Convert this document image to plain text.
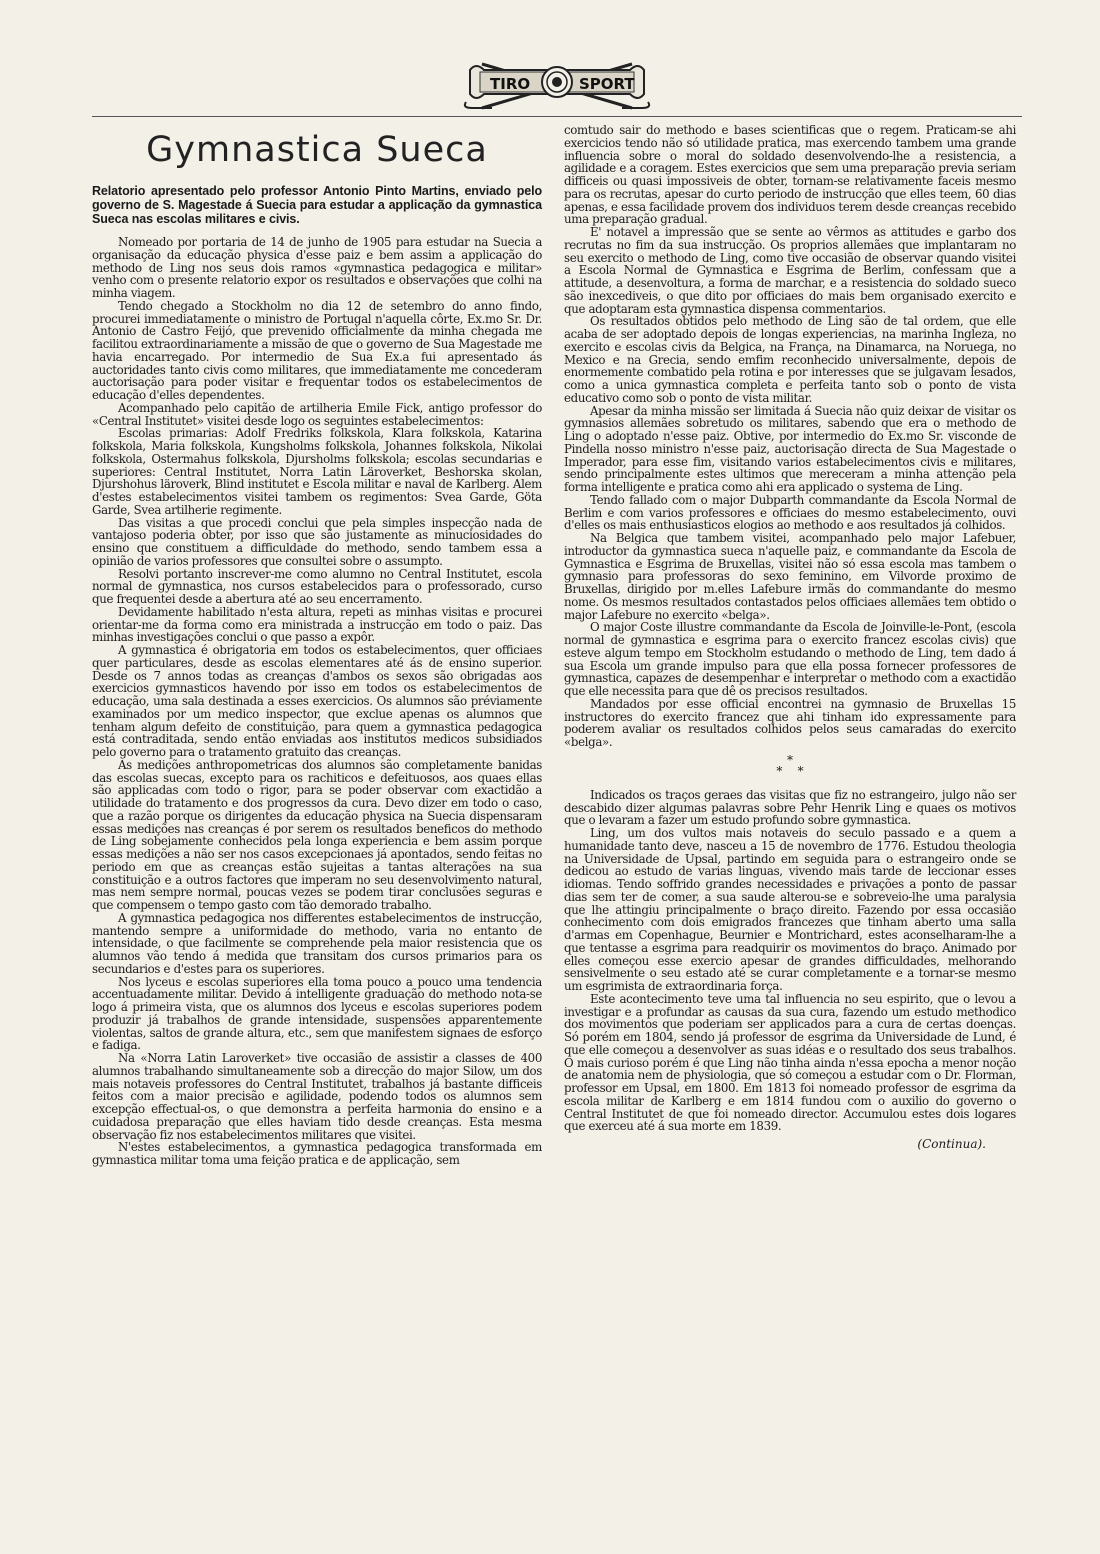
TIRO	SPORT
Gymnastica Sueca
Relatorio apresentado pelo professor Antonio Pinto Martins, enviado pelo governo de S. Magestade á Suecia para estudar a applicação da gymnastica Sueca nas escolas militares e civis.

Nomeado por portaria de 14 de junho de 1905 para estudar na Suecia a organisação da educação physica d'esse paiz e bem assim a applicação do methodo de Ling nos seus dois ramos «gymnastica pedagogica e militar» venho com o presente relatorio expor os resultados e observações que colhi na minha viagem.

Tendo chegado a Stockholm no dia 12 de setembro do anno findo, procurei immediatamente o ministro de Portugal n'aquella côrte, Ex.mo Sr. Dr. Antonio de Castro Feijó, que prevenido officialmente da minha chegada me facilitou extraordinariamente a missão de que o governo de Sua Magestade me havia encarregado. Por intermedio de Sua Ex.a fui apresentado ás auctoridades tanto civis como militares, que immediatamente me concederam auctorisação para poder visitar e frequentar todos os estabelecimentos de educação d'elles dependentes.

Acompanhado pelo capitão de artilheria Emile Fick, antigo professor do «Central Institutet» visitei desde logo os seguintes estabelecimentos:

Escolas primarias: Adolf Fredriks folkskola, Klara folkskola, Katarina folkskola, Maria folkskola, Kungsholms folkskola, Johannes folkskola, Nikolai folkskola, Ostermahus folkskola, Djursholms folkskola; escolas secundarias e superiores: Central Institutet, Norra Latin Läroverket, Beshorska skolan, Djurshohus läroverk, Blind institutet e Escola militar e naval de Karlberg. Alem d'estes estabelecimentos visitei tambem os regimentos: Svea Garde, Göta Garde, Svea artilherie regimente.

Das visitas a que procedi conclui que pela simples inspecção nada de vantajoso poderia obter, por isso que são justamente as minuciosidades do ensino que constituem a difficuldade do methodo, sendo tambem essa a opinião de varios professores que consultei sobre o assumpto.

Resolvi portanto inscrever-me como alumno no Central Institutet, escola normal de gymnastica, nos cursos estabelecidos para o professorado, curso que frequentei desde a abertura até ao seu encerramento.

Devidamente habilitado n'esta altura, repeti as minhas visitas e procurei orientar-me da forma como era ministrada a instrucção em todo o paiz. Das minhas investigações conclui o que passo a expôr.

A gymnastica é obrigatoria em todos os estabelecimentos, quer officiaes quer particulares, desde as escolas elementares até ás de ensino superior. Desde os 7 annos todas as creanças d'ambos os sexos são obrigadas aos exercicios gymnasticos havendo por isso em todos os estabelecimentos de educação, uma sala destinada a esses exercicios. Os alumnos são préviamente examinados por um medico inspector, que exclue apenas os alumnos que tenham algum defeito de constituição, para quem a gymnastica pedagogica está contraditada, sendo então enviadas aos institutos medicos subsidiados pelo governo para o tratamento gratuito das creanças.

As medições anthropometricas dos alumnos são completamente banidas das escolas suecas, excepto para os rachiticos e defeituosos, aos quaes ellas são applicadas com todo o rigor, para se poder observar com exactidão a utilidade do tratamento e dos progressos da cura. Devo dizer em todo o caso, que a razão porque os dirigentes da educação physica na Suecia dispensaram essas medições nas creanças é por serem os resultados beneficos do methodo de Ling sobejamente conhecidos pela longa experiencia e bem assim porque essas medições a não ser nos casos excepcionaes já apontados, sendo feitas no periodo em que as creanças estão sujeitas a tantas alterações na sua constituição e a outros factores que imperam no seu desenvolvimento natural, mas nem sempre normal, poucas vezes se podem tirar conclusões seguras e que compensem o tempo gasto com tão demorado trabalho.

A gymnastica pedagogica nos differentes estabelecimentos de instrucção, mantendo sempre a uniformidade do methodo, varia no entanto de intensidade, o que facilmente se comprehende pela maior resistencia que os alumnos vão tendo á medida que transitam dos cursos primarios para os secundarios e d'estes para os superiores.

Nos lyceus e escolas superiores ella toma pouco a pouco uma tendencia accentuadamente militar. Devido á intelligente graduação do methodo nota-se logo á primeira vista, que os alumnos dos lyceus e escolas superiores podem produzir já trabalhos de grande intensidade, suspensões apparentemente violentas, saltos de grande altura, etc., sem que manifestem signaes de esforço e fadiga.

Na «Norra Latin Laroverket» tive occasião de assistir a classes de 400 alumnos trabalhando simultaneamente sob a direcção do major Silow, um dos mais notaveis professores do Central Institutet, trabalhos já bastante difficeis feitos com a maior precisão e agilidade, podendo todos os alumnos sem excepção effectual-os, o que demonstra a perfeita harmonia do ensino e a cuidadosa preparação que elles haviam tido desde creanças. Esta mesma observação fiz nos estabelecimentos militares que visitei.

N'estes estabelecimentos, a gymnastica pedagogica transformada em gymnastica militar toma uma feição pratica e de applicação, sem

comtudo sair do methodo e bases scientificas que o regem. Praticam-se ahi exercicios tendo não só utilidade pratica, mas exercendo tambem uma grande influencia sobre o moral do soldado desenvolvendo-lhe a resistencia, a agilidade e a coragem. Estes exercicios que sem uma preparação previa seriam difficeis ou quasi impossiveis de obter, tornam-se relativamente faceis mesmo para os recrutas, apesar do curto periodo de instrucção que elles teem, 60 dias apenas, e essa facilidade provem dos individuos terem desde creanças recebido uma preparação gradual.

E' notavel a impressão que se sente ao vêrmos as attitudes e garbo dos recrutas no fim da sua instrucção. Os proprios allemães que implantaram no seu exercito o methodo de Ling, como tive occasião de observar quando visitei a Escola Normal de Gymnastica e Esgrima de Berlim, confessam que a attitude, a desenvoltura, a forma de marchar, e a resistencia do soldado sueco são inexcediveis, o que dito por officiaes do mais bem organisado exercito e que adoptaram esta gymnastica dispensa commentarios.

Os resultados obtidos pelo methodo de Ling são de tal ordem, que elle acaba de ser adoptado depois de longas experiencias, na marinha Ingleza, no exercito e escolas civis da Belgica, na França, na Dinamarca, na Noruega, no Mexico e na Grecia, sendo emfim reconhecido universalmente, depois de enormemente combatido pela rotina e por interesses que se julgavam lesados, como a unica gymnastica completa e perfeita tanto sob o ponto de vista educativo como sob o ponto de vista militar.

Apesar da minha missão ser limitada á Suecia não quiz deixar de visitar os gymnasios allemães sobretudo os militares, sabendo que era o methodo de Ling o adoptado n'esse paiz. Obtive, por intermedio do Ex.mo Sr. visconde de Pindella nosso ministro n'esse paiz, auctorisação directa de Sua Magestade o Imperador, para esse fim, visitando varios estabelecimentos civis e militares, sendo principalmente estes ultimos que mereceram a minha attenção pela forma intelligente e pratica como ahi era applicado o systema de Ling.

Tendo fallado com o major Dubparth commandante da Escola Normal de Berlim e com varios professores e officiaes do mesmo estabelecimento, ouvi d'elles os mais enthusiasticos elogios ao methodo e aos resultados já colhidos.

Na Belgica que tambem visitei, acompanhado pelo major Lafebuer, introductor da gymnastica sueca n'aquelle paiz, e commandante da Escola de Gymnastica e Esgrima de Bruxellas, visitei não só essa escola mas tambem o gymnasio para professoras do sexo feminino, em Vilvorde proximo de Bruxellas, dirigido por m.elles Lafebure irmãs do commandante do mesmo nome. Os mesmos resultados contastados pelos officiaes allemães tem obtido o major Lafebure no exercito «belga».

O major Coste illustre commandante da Escola de Joinville-le-Pont, (escola normal de gymnastica e esgrima para o exercito francez escolas civis) que esteve algum tempo em Stockholm estudando o methodo de Ling, tem dado á sua Escola um grande impulso para que ella possa fornecer professores de gymnastica, capazes de desempenhar e interpretar o methodo com a exactidão que elle necessita para que dê os precisos resultados.

Mandados por esse official encontrei na gymnasio de Bruxellas 15 instructores do exercito francez que ahi tinham ido expressamente para poderem avaliar os resultados colhidos pelos seus camaradas do exercito «belga».

*
*    *

Indicados os traços geraes das visitas que fiz no estrangeiro, julgo não ser descabido dizer algumas palavras sobre Pehr Henrik Ling e quaes os motivos que o levaram a fazer um estudo profundo sobre gymnastica.

Ling, um dos vultos mais notaveis do seculo passado e a quem a humanidade tanto deve, nasceu a 15 de novembro de 1776. Estudou theologia na Universidade de Upsal, partindo em seguida para o estrangeiro onde se dedicou ao estudo de varias linguas, vivendo mais tarde de leccionar esses idiomas. Tendo soffrido grandes necessidades e privações a ponto de passar dias sem ter de comer, a sua saude alterou-se e sobreveio-lhe uma paralysia que lhe attingiu principalmente o braço direito. Fazendo por essa occasião conhecimento com dois emigrados francezes que tinham aberto uma salla d'armas em Copenhague, Beurnier e Montrichard, estes aconselharam-lhe a que tentasse a esgrima para readquirir os movimentos do braço. Animado por elles começou esse exercio apesar de grandes difficuldades, melhorando sensivelmente o seu estado até se curar completamente e a tornar-se mesmo um esgrimista de extraordinaria força.

Este acontecimento teve uma tal influencia no seu espirito, que o levou a investigar e a profundar as causas da sua cura, fazendo um estudo methodico dos movimentos que poderiam ser applicados para a cura de certas doenças. Só porém em 1804, sendo já professor de esgrima da Universidade de Lund, é que elle começou a desenvolver as suas idéas e o resultado dos seus trabalhos. O mais curioso porém é que Ling não tinha ainda n'essa epocha a menor noção de anatomia nem de physiologia, que só começou a estudar com o Dr. Florman, professor em Upsal, em 1800. Em 1813 foi nomeado professor de esgrima da escola militar de Karlberg e em 1814 fundou com o auxilio do governo o Central Institutet de que foi nomeado director. Accumulou estes dois logares que exerceu até á sua morte em 1839.

(Continua).
